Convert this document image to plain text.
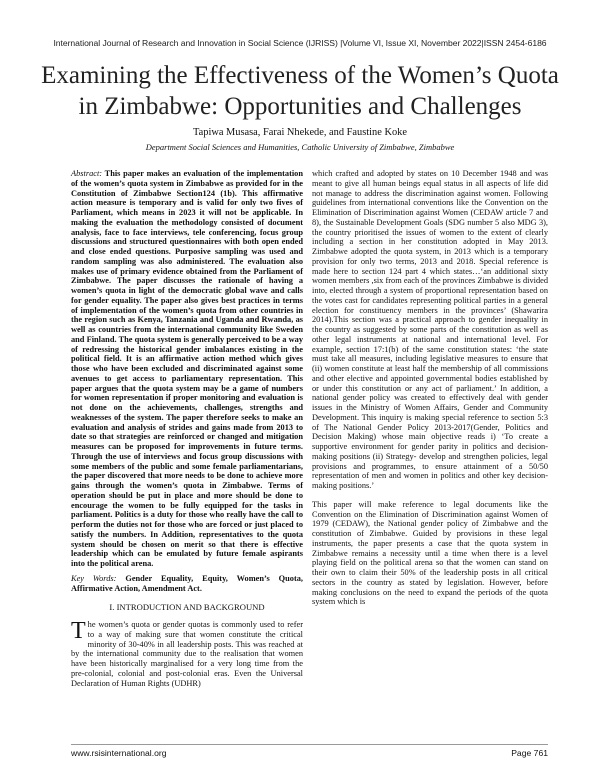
International Journal of Research and Innovation in Social Science (IJRISS) |Volume VI, Issue XI, November 2022|ISSN 2454-6186
Examining the Effectiveness of the Women’s Quota
in Zimbabwe: Opportunities and Challenges
Tapiwa Musasa, Farai Nhekede, and Faustine Koke
Department Social Sciences and Humanities, Catholic University of Zimbabwe, Zimbabwe

Abstract: This paper makes an evaluation of the implementation of the women’s quota system in Zimbabwe as provided for in the Constitution of Zimbabwe Section124 (1b). This affirmative action measure is temporary and is valid for only two fives of Parliament, which means in 2023 it will not be applicable. In making the evaluation the methodology consisted of document analysis, face to face interviews, tele conferencing, focus group discussions and structured questionnaires with both open ended and close ended questions. Purposive sampling was used and random sampling was also administered. The evaluation also makes use of primary evidence obtained from the Parliament of Zimbabwe. The paper discusses the rationale of having a women’s quota in light of the democratic global wave and calls for gender equality. The paper also gives best practices in terms of implementation of the women’s quota from other countries in the region such as Kenya, Tanzania and Uganda and Rwanda, as well as countries from the international community like Sweden and Finland. The quota system is generally perceived to be a way of redressing the historical gender imbalances existing in the political field. It is an affirmative action method which gives those who have been excluded and discriminated against some avenues to get access to parliamentary representation. This paper argues that the quota system may be a game of numbers for women representation if proper monitoring and evaluation is not done on the achievements, challenges, strengths and weaknesses of the system. The paper therefore seeks to make an evaluation and analysis of strides and gains made from 2013 to date so that strategies are reinforced or changed and mitigation measures can be proposed for improvements in future terms. Through the use of interviews and focus group discussions with some members of the public and some female parliamentarians, the paper discovered that more needs to be done to achieve more gains through the women’s quota in Zimbabwe. Terms of operation should be put in place and more should be done to encourage the women to be fully equipped for the tasks in parliament. Politics is a duty for those who really have the call to perform the duties not for those who are forced or just placed to satisfy the numbers. In Addition, representatives to the quota system should be chosen on merit so that there is effective leadership which can be emulated by future female aspirants into the political arena.

Key Words: Gender Equality, Equity, Women’s Quota, Affirmative Action, Amendment Act.

I. INTRODUCTION AND BACKGROUND

The women’s quota or gender quotas is commonly used to refer to a way of making sure that women constitute the critical minority of 30-40% in all leadership posts. This was reached at by the international community due to the realisation that women have been historically marginalised for a very long time from the pre-colonial, colonial and post-colonial eras. Even the Universal Declaration of Human Rights (UDHR)

which crafted and adopted by states on 10 December 1948 and was meant to give all human beings equal status in all aspects of life did not manage to address the discrimination against women. Following guidelines from international conventions like the Convention on the Elimination of Discrimination against Women (CEDAW article 7 and 8), the Sustainable Development Goals (SDG number 5 also MDG 3), the country prioritised the issues of women to the extent of clearly including a section in her constitution adopted in May 2013. Zimbabwe adopted the quota system, in 2013 which is a temporary provision for only two terms, 2013 and 2018. Special reference is made here to section 124 part 4 which states…‘an additional sixty women members ,six from each of the provinces Zimbabwe is divided into, elected through a system of proportional representation based on the votes cast for candidates representing political parties in a general election for constituency members in the provinces’ (Shawarira 2014).This section was a practical approach to gender inequality in the country as suggested by some parts of the constitution as well as other legal instruments at national and international level. For example, section 17:1(b) of the same constitution states: ‘the state must take all measures, including legislative measures to ensure that (ii) women constitute at least half the membership of all commissions and other elective and appointed governmental bodies established by or under this constitution or any act of parliament.’ In addition, a national gender policy was created to effectively deal with gender issues in the Ministry of Women Affairs, Gender and Community Development. This inquiry is making special reference to section 5:3 of The National Gender Policy 2013-2017(Gender, Politics and Decision Making) whose main objective reads i) ‘To create a supportive environment for gender parity in politics and decision-making positions (ii) Strategy- develop and strengthen policies, legal provisions and programmes, to ensure attainment of a 50/50 representation of men and women in politics and other key decision-making positions.’

This paper will make reference to legal documents like the Convention on the Elimination of Discrimination against Women of 1979 (CEDAW), the National gender policy of Zimbabwe and the constitution of Zimbabwe. Guided by provisions in these legal instruments, the paper presents a case that the quota system in Zimbabwe remains a necessity until a time when there is a level playing field on the political arena so that the women can stand on their own to claim their 50% of the leadership posts in all critical sectors in the country as stated by legislation. However, before making conclusions on the need to expand the periods of the quota system which is

www.rsisinternational.org	Page 761
